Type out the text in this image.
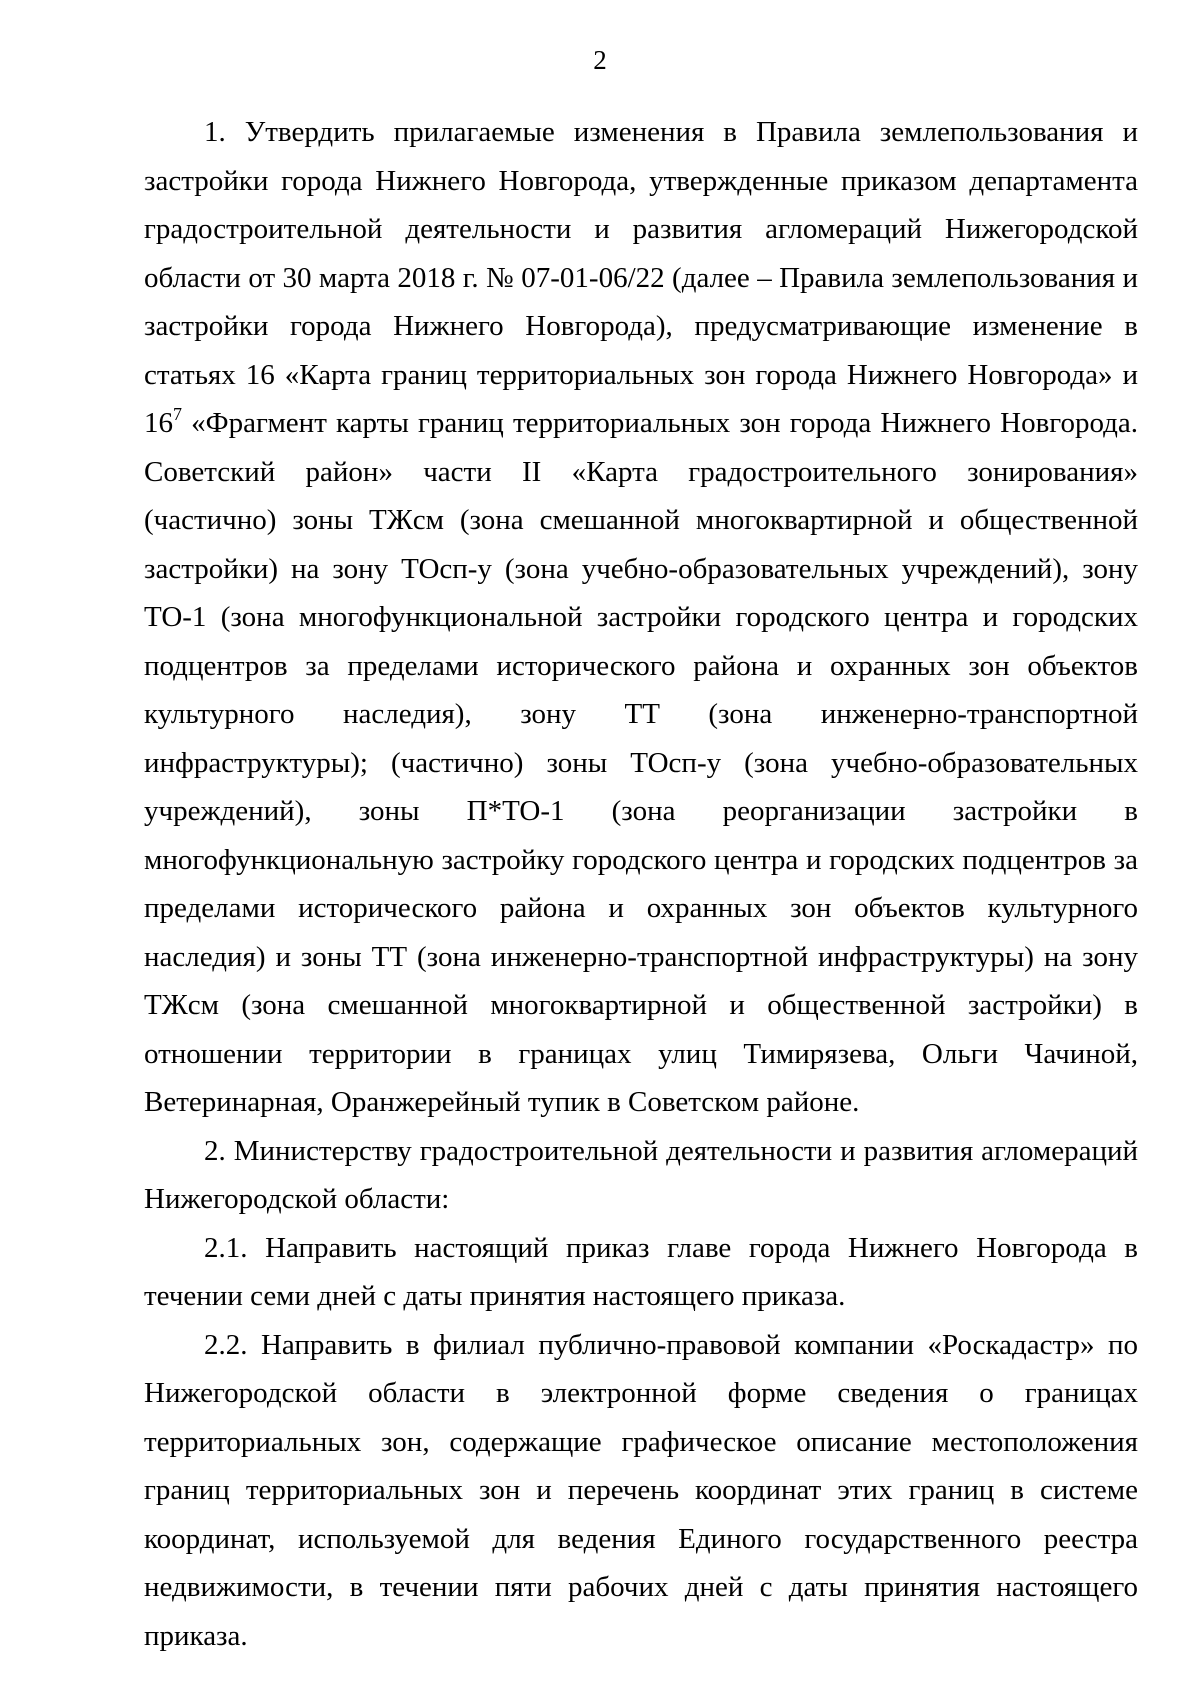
2

1. Утвердить прилагаемые изменения в Правила землепользования и застройки города Нижнего Новгорода, утвержденные приказом департамента градостроительной деятельности и развития агломераций Нижегородской области от 30 марта 2018 г. № 07-01-06/22 (далее – Правила землепользования и застройки города Нижнего Новгорода), предусматривающие изменение в статьях 16 «Карта границ территориальных зон города Нижнего Новгорода» и $16^7$ «Фрагмент карты границ территориальных зон города Нижнего Новгорода. Советский район» части II «Карта градостроительного зонирования» (частично) зоны ТЖсм (зона смешанной многоквартирной и общественной застройки) на зону ТОсп-у (зона учебно-образовательных учреждений), зону ТО-1 (зона многофункциональной застройки городского центра и городских подцентров за пределами исторического района и охранных зон объектов культурного наследия), зону ТТ (зона инженерно-транспортной инфраструктуры); (частично) зоны ТОсп-у (зона учебно-образовательных учреждений), зоны П*ТО-1 (зона реорганизации застройки в многофункциональную застройку городского центра и городских подцентров за пределами исторического района и охранных зон объектов культурного наследия) и зоны ТТ (зона инженерно-транспортной инфраструктуры) на зону ТЖсм (зона смешанной многоквартирной и общественной застройки) в отношении территории в границах улиц Тимирязева, Ольги Чачиной, Ветеринарная, Оранжерейный тупик в Советском районе.

2. Министерству градостроительной деятельности и развития агломераций Нижегородской области:

2.1. Направить настоящий приказ главе города Нижнего Новгорода в течении семи дней с даты принятия настоящего приказа.

2.2. Направить в филиал публично-правовой компании «Роскадастр» по Нижегородской области в электронной форме сведения о границах территориальных зон, содержащие графическое описание местоположения границ территориальных зон и перечень координат этих границ в системе координат, используемой для ведения Единого государственного реестра недвижимости, в течении пяти рабочих дней с даты принятия настоящего приказа.
